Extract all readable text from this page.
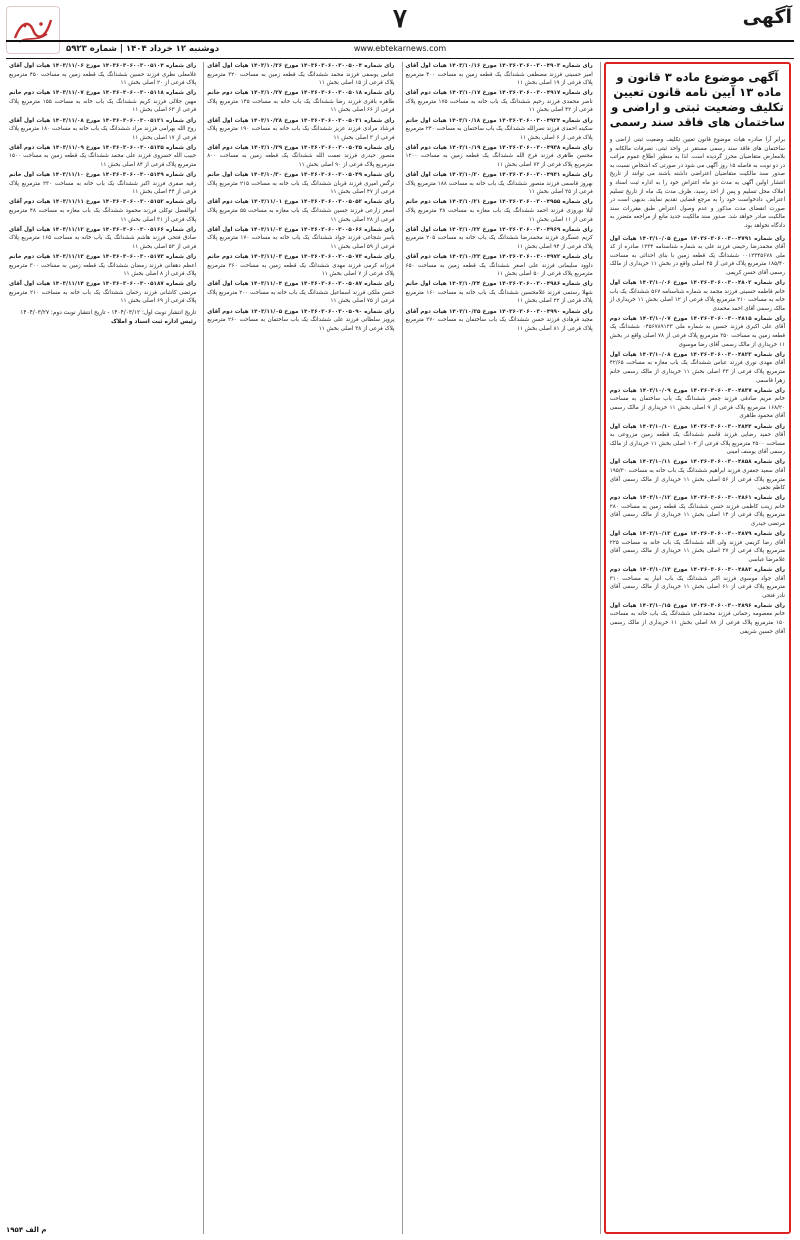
۷	آگهی
دوشنبه ۱۲ خرداد ۱۴۰۴ | شماره ۵۹۲۳	www.ebtekarnews.com
آگهی موضوع ماده ۳ قانون و ماده ۱۳ آیین نامه قانون تعیین تکلیف وضعیت ثبتی و اراضی و ساختمان های فاقد سند رسمی
برابر آرا صادره هیات موضوع قانون تعیین تکلیف وضعیت ثبتی اراضی و ساختمان های فاقد سند رسمی مستقر در واحد ثبتی، تصرفات مالکانه و بلامعارض متقاضیان محرز گردیده است. لذا به منظور اطلاع عموم مراتب در دو نوبت به فاصله ۱۵ روز آگهی می شود در صورتی که اشخاص نسبت به صدور سند مالکیت متقاضیان اعتراضی داشته باشند می توانند از تاریخ انتشار اولین آگهی به مدت دو ماه اعتراض خود را به اداره ثبت اسناد و املاک محل تسلیم و پس از اخذ رسید، ظرف مدت یک ماه از تاریخ تسلیم اعتراض، دادخواست خود را به مرجع قضایی تقدیم نمایند. بدیهی است در صورت انقضای مدت مذکور و عدم وصول اعتراض طبق مقررات سند مالکیت صادر خواهد شد. صدور سند مالکیت جدید مانع از مراجعه متضرر به دادگاه نخواهد بود.

رای شماره ۱۴۰۳۶۰۳۰۶۰۰۳۰۰۴۷۹۱ مورخ ۱۴۰۳/۱۰/۰۵ هیات اول آقای محمدرضا رحیمی فرزند علی به شماره شناسنامه ۱۲۳۴ صادره از کد ملی ۰۰۱۲۳۴۵۶۷۸ ششدانگ یک قطعه زمین با بنای احداثی به مساحت ۱۸۵/۴۰ مترمربع پلاک فرعی از ۴۵ اصلی واقع در بخش ۱۱ خریداری از مالک رسمی آقای حسن کریمی

رای شماره ۱۴۰۳۶۰۳۰۶۰۰۳۰۰۴۸۰۲ مورخ ۱۴۰۳/۱۰/۰۶ هیات اول خانم فاطمه حسینی فرزند محمد به شماره شناسنامه ۵۶۷ ششدانگ یک باب خانه به مساحت ۲۱۰ مترمربع پلاک فرعی از ۱۲ اصلی بخش ۱۱ خریداری از مالک رسمی آقای احمد محمدی

رای شماره ۱۴۰۳۶۰۳۰۶۰۰۳۰۰۴۸۱۵ مورخ ۱۴۰۳/۱۰/۰۷ هیات دوم آقای علی اکبری فرزند حسین به شماره ملی ۰۴۵۶۷۸۹۱۲۳ ششدانگ یک قطعه زمین به مساحت ۳۵۰ مترمربع پلاک فرعی از ۷۸ اصلی واقع در بخش ۱۱ خریداری از مالک رسمی آقای رضا موسوی

رای شماره ۱۴۰۳۶۰۳۰۶۰۰۳۰۰۴۸۲۳ مورخ ۱۴۰۳/۱۰/۰۸ هیات اول آقای مهدی نوری فرزند عباس ششدانگ یک باب مغازه به مساحت ۴۲/۶۵ مترمربع پلاک فرعی از ۳۳ اصلی بخش ۱۱ خریداری از مالک رسمی خانم زهرا قاسمی

رای شماره ۱۴۰۳۶۰۳۰۶۰۰۳۰۰۴۸۳۷ مورخ ۱۴۰۳/۱۰/۰۹ هیات دوم خانم مریم صادقی فرزند جعفر ششدانگ یک باب ساختمان به مساحت ۱۶۸/۲۰ مترمربع پلاک فرعی از ۹ اصلی بخش ۱۱ خریداری از مالک رسمی آقای محمود طاهری

رای شماره ۱۴۰۳۶۰۳۰۶۰۰۳۰۰۴۸۴۴ مورخ ۱۴۰۳/۱۰/۱۰ هیات اول آقای حمید رضایی فرزند قاسم ششدانگ یک قطعه زمین مزروعی به مساحت ۲۵۰۰ مترمربع پلاک فرعی از ۱۰۲ اصلی بخش ۱۱ خریداری از مالک رسمی آقای یوسف امینی

رای شماره ۱۴۰۳۶۰۳۰۶۰۰۳۰۰۴۸۵۸ مورخ ۱۴۰۳/۱۰/۱۱ هیات اول آقای سعید جعفری فرزند ابراهیم ششدانگ یک باب خانه به مساحت ۱۹۵/۳۰ مترمربع پلاک فرعی از ۵۶ اصلی بخش ۱۱ خریداری از مالک رسمی آقای کاظم نجفی

رای شماره ۱۴۰۳۶۰۳۰۶۰۰۳۰۰۴۸۶۱ مورخ ۱۴۰۳/۱۰/۱۲ هیات دوم خانم زینب کاظمی فرزند حسن ششدانگ یک قطعه زمین به مساحت ۲۸۰ مترمربع پلاک فرعی از ۱۴ اصلی بخش ۱۱ خریداری از مالک رسمی آقای مرتضی حیدری

رای شماره ۱۴۰۳۶۰۳۰۶۰۰۳۰۰۴۸۷۹ مورخ ۱۴۰۳/۱۰/۱۳ هیات اول آقای رضا کریمی فرزند ولی الله ششدانگ یک باب خانه به مساحت ۲۲۵ مترمربع پلاک فرعی از ۲۷ اصلی بخش ۱۱ خریداری از مالک رسمی آقای غلامرضا عباسی

رای شماره ۱۴۰۳۶۰۳۰۶۰۰۳۰۰۴۸۸۲ مورخ ۱۴۰۳/۱۰/۱۴ هیات دوم آقای جواد موسوی فرزند اکبر ششدانگ یک باب انبار به مساحت ۳۱۰ مترمربع پلاک فرعی از ۶۱ اصلی بخش ۱۱ خریداری از مالک رسمی آقای نادر فتحی

رای شماره ۱۴۰۳۶۰۳۰۶۰۰۳۰۰۴۸۹۶ مورخ ۱۴۰۳/۱۰/۱۵ هیات اول خانم معصومه رحمانی فرزند محمدعلی ششدانگ یک باب خانه به مساحت ۱۵۰ مترمربع پلاک فرعی از ۸۸ اصلی بخش ۱۱ خریداری از مالک رسمی آقای حسین شریفی

رای شماره ۱۴۰۳۶۰۳۰۶۰۰۳۰۰۴۹۰۳ مورخ ۱۴۰۳/۱۰/۱۶ هیات اول آقای امیر حسینی فرزند مصطفی ششدانگ یک قطعه زمین به مساحت ۴۰۰ مترمربع پلاک فرعی از ۱۹ اصلی بخش ۱۱

رای شماره ۱۴۰۳۶۰۳۰۶۰۰۳۰۰۴۹۱۷ مورخ ۱۴۰۳/۱۰/۱۷ هیات دوم آقای ناصر محمدی فرزند رحیم ششدانگ یک باب خانه به مساحت ۱۷۵ مترمربع پلاک فرعی از ۴۲ اصلی بخش ۱۱

رای شماره ۱۴۰۳۶۰۳۰۶۰۰۳۰۰۴۹۲۴ مورخ ۱۴۰۳/۱۰/۱۸ هیات اول خانم سکینه احمدی فرزند نصرالله ششدانگ یک باب ساختمان به مساحت ۲۴۰ مترمربع پلاک فرعی از ۶ اصلی بخش ۱۱

رای شماره ۱۴۰۳۶۰۳۰۶۰۰۳۰۰۴۹۳۸ مورخ ۱۴۰۳/۱۰/۱۹ هیات دوم آقای محسن طاهری فرزند فرج الله ششدانگ یک قطعه زمین به مساحت ۱۲۰۰ مترمربع پلاک فرعی از ۷۳ اصلی بخش ۱۱

رای شماره ۱۴۰۳۶۰۳۰۶۰۰۳۰۰۴۹۴۱ مورخ ۱۴۰۳/۱۰/۲۰ هیات اول آقای بهروز قاسمی فرزند منصور ششدانگ یک باب خانه به مساحت ۱۸۸ مترمربع پلاک فرعی از ۳۵ اصلی بخش ۱۱

رای شماره ۱۴۰۳۶۰۳۰۶۰۰۳۰۰۴۹۵۵ مورخ ۱۴۰۳/۱۰/۲۱ هیات دوم خانم لیلا نوروزی فرزند احمد ششدانگ یک باب مغازه به مساحت ۳۸ مترمربع پلاک فرعی از ۱۱ اصلی بخش ۱۱

رای شماره ۱۴۰۳۶۰۳۰۶۰۰۳۰۰۴۹۶۹ مورخ ۱۴۰۳/۱۰/۲۲ هیات اول آقای کریم عسگری فرزند محمدرضا ششدانگ یک باب خانه به مساحت ۲۰۵ مترمربع پلاک فرعی از ۹۴ اصلی بخش ۱۱

رای شماره ۱۴۰۳۶۰۳۰۶۰۰۳۰۰۴۹۷۲ مورخ ۱۴۰۳/۱۰/۲۳ هیات دوم آقای داوود سلیمانی فرزند علی اصغر ششدانگ یک قطعه زمین به مساحت ۶۵۰ مترمربع پلاک فرعی از ۵۰ اصلی بخش ۱۱

رای شماره ۱۴۰۳۶۰۳۰۶۰۰۳۰۰۴۹۸۶ مورخ ۱۴۰۳/۱۰/۲۴ هیات اول خانم شهلا رستمی فرزند غلامحسین ششدانگ یک باب خانه به مساحت ۱۶۰ مترمربع پلاک فرعی از ۲۲ اصلی بخش ۱۱

رای شماره ۱۴۰۳۶۰۳۰۶۰۰۳۰۰۴۹۹۰ مورخ ۱۴۰۳/۱۰/۲۵ هیات دوم آقای مجید فرهادی فرزند حسن ششدانگ یک باب ساختمان به مساحت ۲۷۰ مترمربع پلاک فرعی از ۸۱ اصلی بخش ۱۱

رای شماره ۱۴۰۳۶۰۳۰۶۰۰۳۰۰۵۰۰۴ مورخ ۱۴۰۳/۱۰/۲۶ هیات اول آقای عباس یوسفی فرزند محمد ششدانگ یک قطعه زمین به مساحت ۳۲۰ مترمربع پلاک فرعی از ۱۵ اصلی بخش ۱۱

رای شماره ۱۴۰۳۶۰۳۰۶۰۰۳۰۰۵۰۱۸ مورخ ۱۴۰۳/۱۰/۲۷ هیات دوم خانم طاهره باقری فرزند رضا ششدانگ یک باب خانه به مساحت ۱۴۵ مترمربع پلاک فرعی از ۶۶ اصلی بخش ۱۱

رای شماره ۱۴۰۳۶۰۳۰۶۰۰۳۰۰۵۰۲۱ مورخ ۱۴۰۳/۱۰/۲۸ هیات اول آقای فرشاد مرادی فرزند عزیز ششدانگ یک باب خانه به مساحت ۱۹۰ مترمربع پلاک فرعی از ۳ اصلی بخش ۱۱

رای شماره ۱۴۰۳۶۰۳۰۶۰۰۳۰۰۵۰۳۵ مورخ ۱۴۰۳/۱۰/۲۹ هیات دوم آقای منصور حیدری فرزند نعمت الله ششدانگ یک قطعه زمین به مساحت ۸۰۰ مترمربع پلاک فرعی از ۹۰ اصلی بخش ۱۱

رای شماره ۱۴۰۳۶۰۳۰۶۰۰۳۰۰۵۰۴۹ مورخ ۱۴۰۳/۱۰/۳۰ هیات اول خانم نرگس امیری فرزند قربان ششدانگ یک باب خانه به مساحت ۲۱۵ مترمربع پلاک فرعی از ۴۷ اصلی بخش ۱۱

رای شماره ۱۴۰۳۶۰۳۰۶۰۰۳۰۰۵۰۵۲ مورخ ۱۴۰۳/۱۱/۰۱ هیات دوم آقای اصغر زارعی فرزند حسین ششدانگ یک باب مغازه به مساحت ۵۵ مترمربع پلاک فرعی از ۲۸ اصلی بخش ۱۱

رای شماره ۱۴۰۳۶۰۳۰۶۰۰۳۰۰۵۰۶۶ مورخ ۱۴۰۳/۱۱/۰۲ هیات اول آقای یاسر شجاعی فرزند جواد ششدانگ یک باب خانه به مساحت ۱۷۰ مترمربع پلاک فرعی از ۵۹ اصلی بخش ۱۱

رای شماره ۱۴۰۳۶۰۳۰۶۰۰۳۰۰۵۰۷۳ مورخ ۱۴۰۳/۱۱/۰۳ هیات دوم خانم فرزانه کرمی فرزند مهدی ششدانگ یک قطعه زمین به مساحت ۳۶۰ مترمربع پلاک فرعی از ۷ اصلی بخش ۱۱

رای شماره ۱۴۰۳۶۰۳۰۶۰۰۳۰۰۵۰۸۷ مورخ ۱۴۰۳/۱۱/۰۴ هیات اول آقای حسن ملکی فرزند اسماعیل ششدانگ یک باب خانه به مساحت ۲۰۰ مترمربع پلاک فرعی از ۷۵ اصلی بخش ۱۱

رای شماره ۱۴۰۳۶۰۳۰۶۰۰۳۰۰۵۰۹۰ مورخ ۱۴۰۳/۱۱/۰۵ هیات دوم آقای پرویز سلطانی فرزند علی ششدانگ یک باب ساختمان به مساحت ۲۶۰ مترمربع پلاک فرعی از ۳۸ اصلی بخش ۱۱

رای شماره ۱۴۰۳۶۰۳۰۶۰۰۳۰۰۵۱۰۴ مورخ ۱۴۰۳/۱۱/۰۶ هیات اول آقای غلامعلی نظری فرزند حسین ششدانگ یک قطعه زمین به مساحت ۴۵۰ مترمربع پلاک فرعی از ۲۰ اصلی بخش ۱۱

رای شماره ۱۴۰۳۶۰۳۰۶۰۰۳۰۰۵۱۱۸ مورخ ۱۴۰۳/۱۱/۰۷ هیات دوم خانم مهین جلالی فرزند کریم ششدانگ یک باب خانه به مساحت ۱۵۵ مترمربع پلاک فرعی از ۶۳ اصلی بخش ۱۱

رای شماره ۱۴۰۳۶۰۳۰۶۰۰۳۰۰۵۱۲۱ مورخ ۱۴۰۳/۱۱/۰۸ هیات اول آقای روح الله بهرامی فرزند مراد ششدانگ یک باب خانه به مساحت ۱۸۰ مترمربع پلاک فرعی از ۱۷ اصلی بخش ۱۱

رای شماره ۱۴۰۳۶۰۳۰۶۰۰۳۰۰۵۱۳۵ مورخ ۱۴۰۳/۱۱/۰۹ هیات دوم آقای حبیب الله خسروی فرزند علی محمد ششدانگ یک قطعه زمین به مساحت ۱۵۰۰ مترمربع پلاک فرعی از ۸۴ اصلی بخش ۱۱

رای شماره ۱۴۰۳۶۰۳۰۶۰۰۳۰۰۵۱۴۹ مورخ ۱۴۰۳/۱۱/۱۰ هیات اول خانم رقیه صفری فرزند اکبر ششدانگ یک باب خانه به مساحت ۲۳۰ مترمربع پلاک فرعی از ۴۴ اصلی بخش ۱۱

رای شماره ۱۴۰۳۶۰۳۰۶۰۰۳۰۰۵۱۵۲ مورخ ۱۴۰۳/۱۱/۱۱ هیات دوم آقای ابوالفضل توکلی فرزند محمود ششدانگ یک باب مغازه به مساحت ۴۸ مترمربع پلاک فرعی از ۳۱ اصلی بخش ۱۱

رای شماره ۱۴۰۳۶۰۳۰۶۰۰۳۰۰۵۱۶۶ مورخ ۱۴۰۳/۱۱/۱۲ هیات اول آقای صادق فتحی فرزند هاشم ششدانگ یک باب خانه به مساحت ۱۶۵ مترمربع پلاک فرعی از ۵۲ اصلی بخش ۱۱

رای شماره ۱۴۰۳۶۰۳۰۶۰۰۳۰۰۵۱۷۳ مورخ ۱۴۰۳/۱۱/۱۳ هیات دوم خانم اعظم دهقانی فرزند رمضان ششدانگ یک قطعه زمین به مساحت ۳۰۰ مترمربع پلاک فرعی از ۸ اصلی بخش ۱۱

رای شماره ۱۴۰۳۶۰۳۰۶۰۰۳۰۰۵۱۸۷ مورخ ۱۴۰۳/۱۱/۱۴ هیات اول آقای مرتضی کاشانی فرزند رحمان ششدانگ یک باب خانه به مساحت ۲۱۰ مترمربع پلاک فرعی از ۶۹ اصلی بخش ۱۱

تاریخ انتشار نوبت اول: ۱۴۰۴/۰۳/۱۲ - تاریخ انتشار نوبت دوم: ۱۴۰۴/۰۳/۲۷
رئیس اداره ثبت اسناد و املاک
م الف ۱۹۵۴
